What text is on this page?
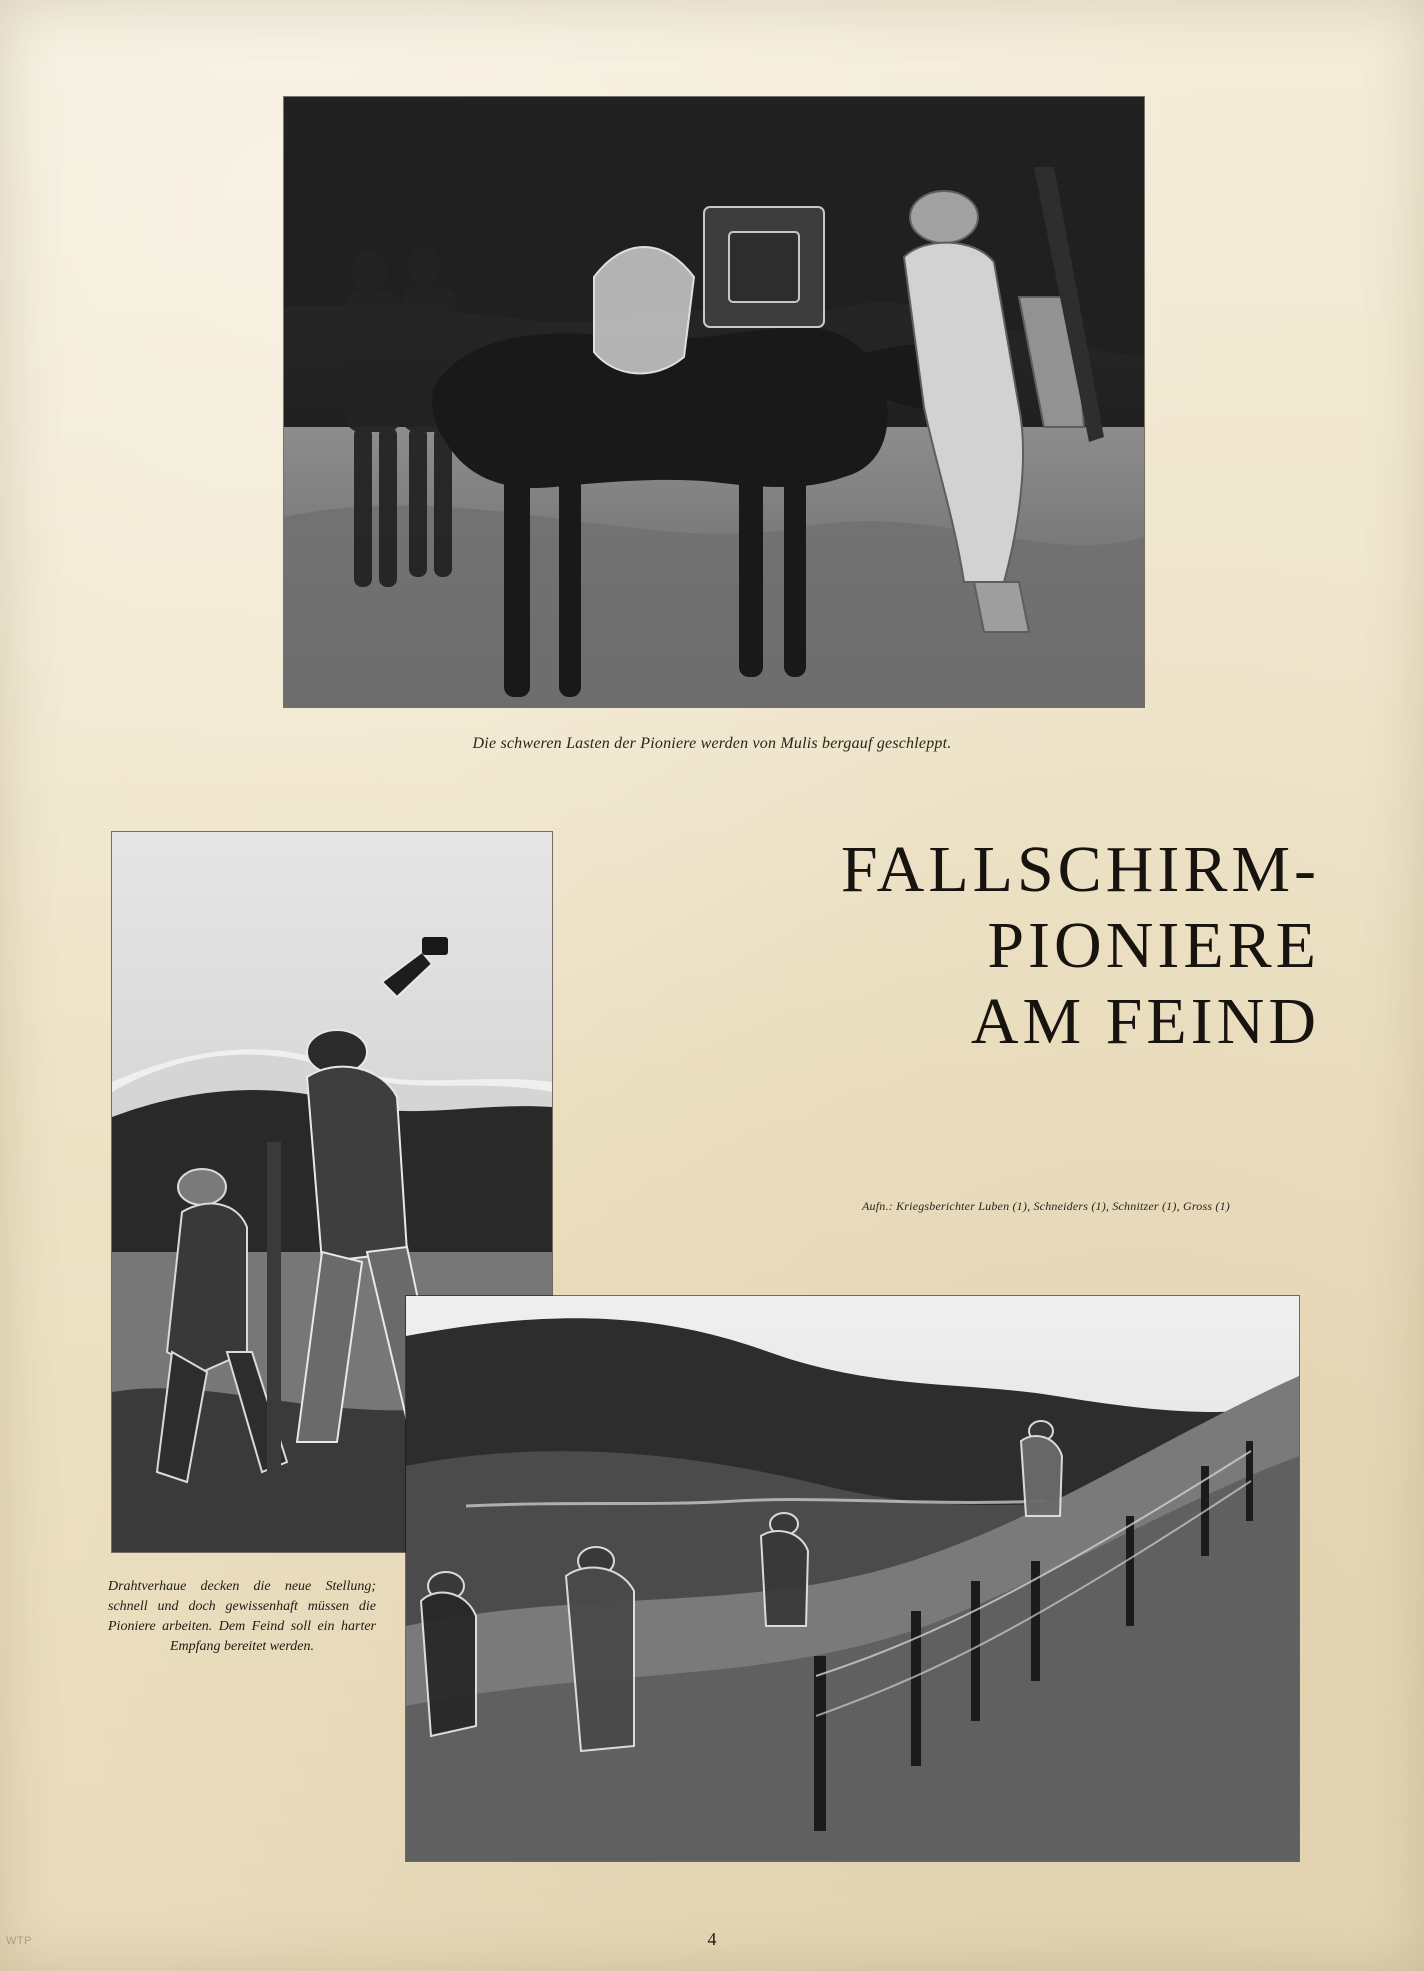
Die schweren Lasten der Pioniere werden von Mulis bergauf geschleppt.
FALLSCHIRM-
PIONIERE
AM FEIND
Aufn.: Kriegsberichter Luben (1), Schneiders (1), Schnitzer (1), Gross (1)
Drahtverhaue decken die neue Stellung; schnell und doch gewissenhaft müssen die Pioniere arbeiten. Dem Feind soll ein harter Empfang bereitet werden.
4
WTP
